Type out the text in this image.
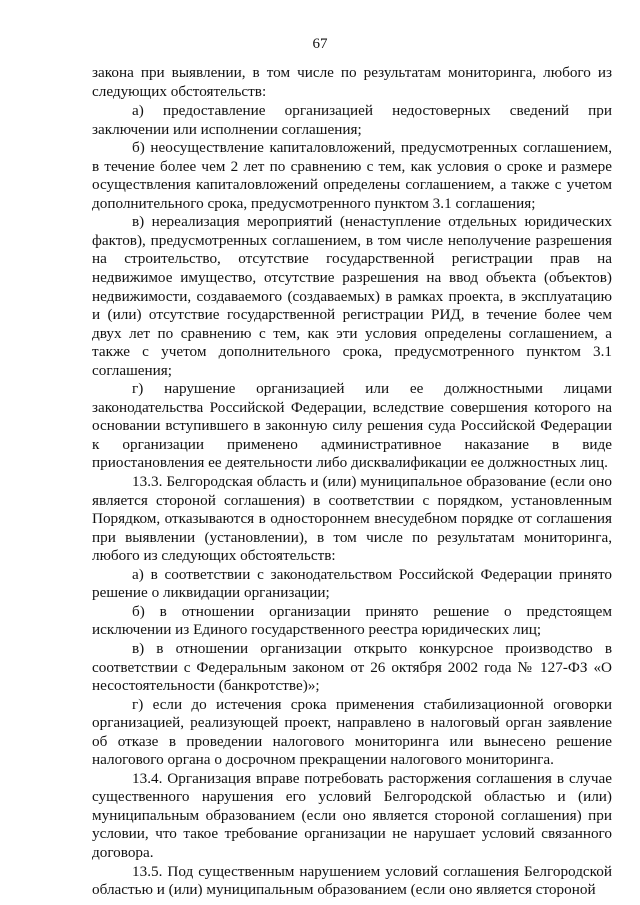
67

закона при выявлении, в том числе по результатам мониторинга, любого из следующих обстоятельств:

а) предоставление организацией недостоверных сведений при заключении или исполнении соглашения;

б) неосуществление капиталовложений, предусмотренных соглашением, в течение более чем 2 лет по сравнению с тем, как условия о сроке и размере осуществления капиталовложений определены соглашением, а также с учетом дополнительного срока, предусмотренного пунктом 3.1 соглашения;

в) нереализация мероприятий (ненаступление отдельных юридических фактов), предусмотренных соглашением, в том числе неполучение разрешения на строительство, отсутствие государственной регистрации прав на недвижимое имущество, отсутствие разрешения на ввод объекта (объектов) недвижимости, создаваемого (создаваемых) в рамках проекта, в эксплуатацию и (или) отсутствие государственной регистрации РИД, в течение более чем двух лет по сравнению с тем, как эти условия определены соглашением, а также с учетом дополнительного срока, предусмотренного пунктом 3.1 соглашения;

г) нарушение организацией или ее должностными лицами законодательства Российской Федерации, вследствие совершения которого на основании вступившего в законную силу решения суда Российской Федерации к организации применено административное наказание в виде приостановления ее деятельности либо дисквалификации ее должностных лиц.

13.3. Белгородская область и (или) муниципальное образование (если оно является стороной соглашения) в соответствии с порядком, установленным Порядком, отказываются в одностороннем внесудебном порядке от соглашения при выявлении (установлении), в том числе по результатам мониторинга, любого из следующих обстоятельств:

а) в соответствии с законодательством Российской Федерации принято решение о ликвидации организации;

б) в отношении организации принято решение о предстоящем исключении из Единого государственного реестра юридических лиц;

в) в отношении организации открыто конкурсное производство в соответствии с Федеральным законом от 26 октября 2002 года № 127-ФЗ «О несостоятельности (банкротстве)»;

г) если до истечения срока применения стабилизационной оговорки организацией, реализующей проект, направлено в налоговый орган заявление об отказе в проведении налогового мониторинга или вынесено решение налогового органа о досрочном прекращении налогового мониторинга.

13.4. Организация вправе потребовать расторжения соглашения в случае существенного нарушения его условий Белгородской областью и (или) муниципальным образованием (если оно является стороной соглашения) при условии, что такое требование организации не нарушает условий связанного договора.

13.5. Под существенным нарушением условий соглашения Белгородской областью и (или) муниципальным образованием (если оно является стороной
